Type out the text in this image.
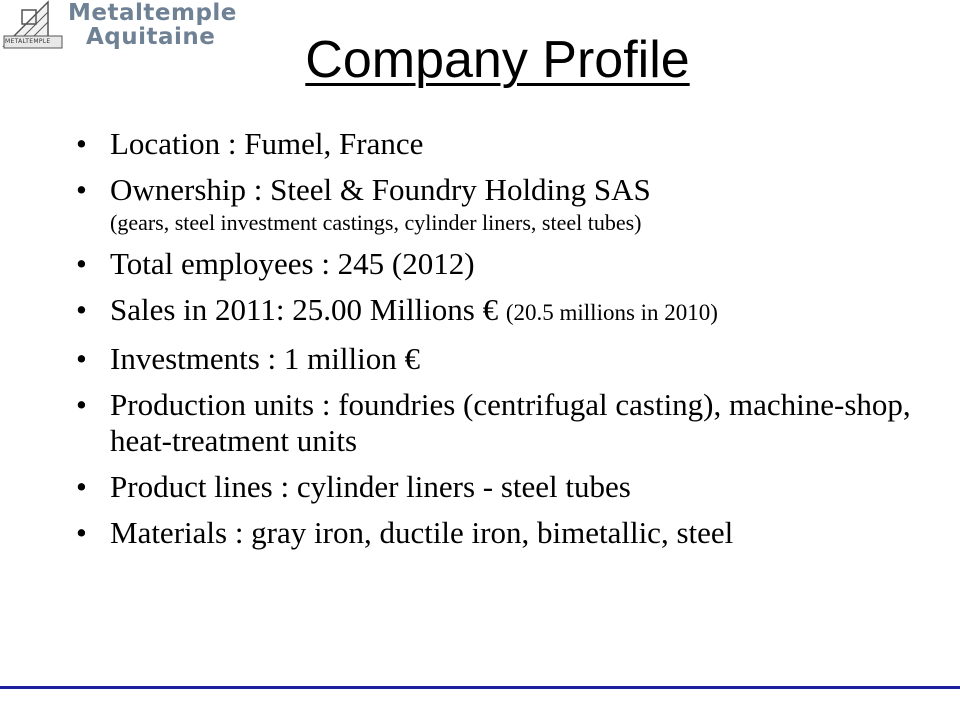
METALTEMPLE
Metaltemple
Aquitaine	Company Profile
• Location : Fumel, France
• Ownership : Steel & Foundry Holding SAS
(gears, steel investment castings, cylinder liners, steel tubes)
• Total employees : 245 (2012)
• Sales in 2011: 25.00 Millions € (20.5 millions in 2010)
• Investments : 1 million €
• Production units : foundries (centrifugal casting), machine-shop, heat-treatment units
• Product lines : cylinder liners - steel tubes
• Materials : gray iron, ductile iron, bimetallic, steel
